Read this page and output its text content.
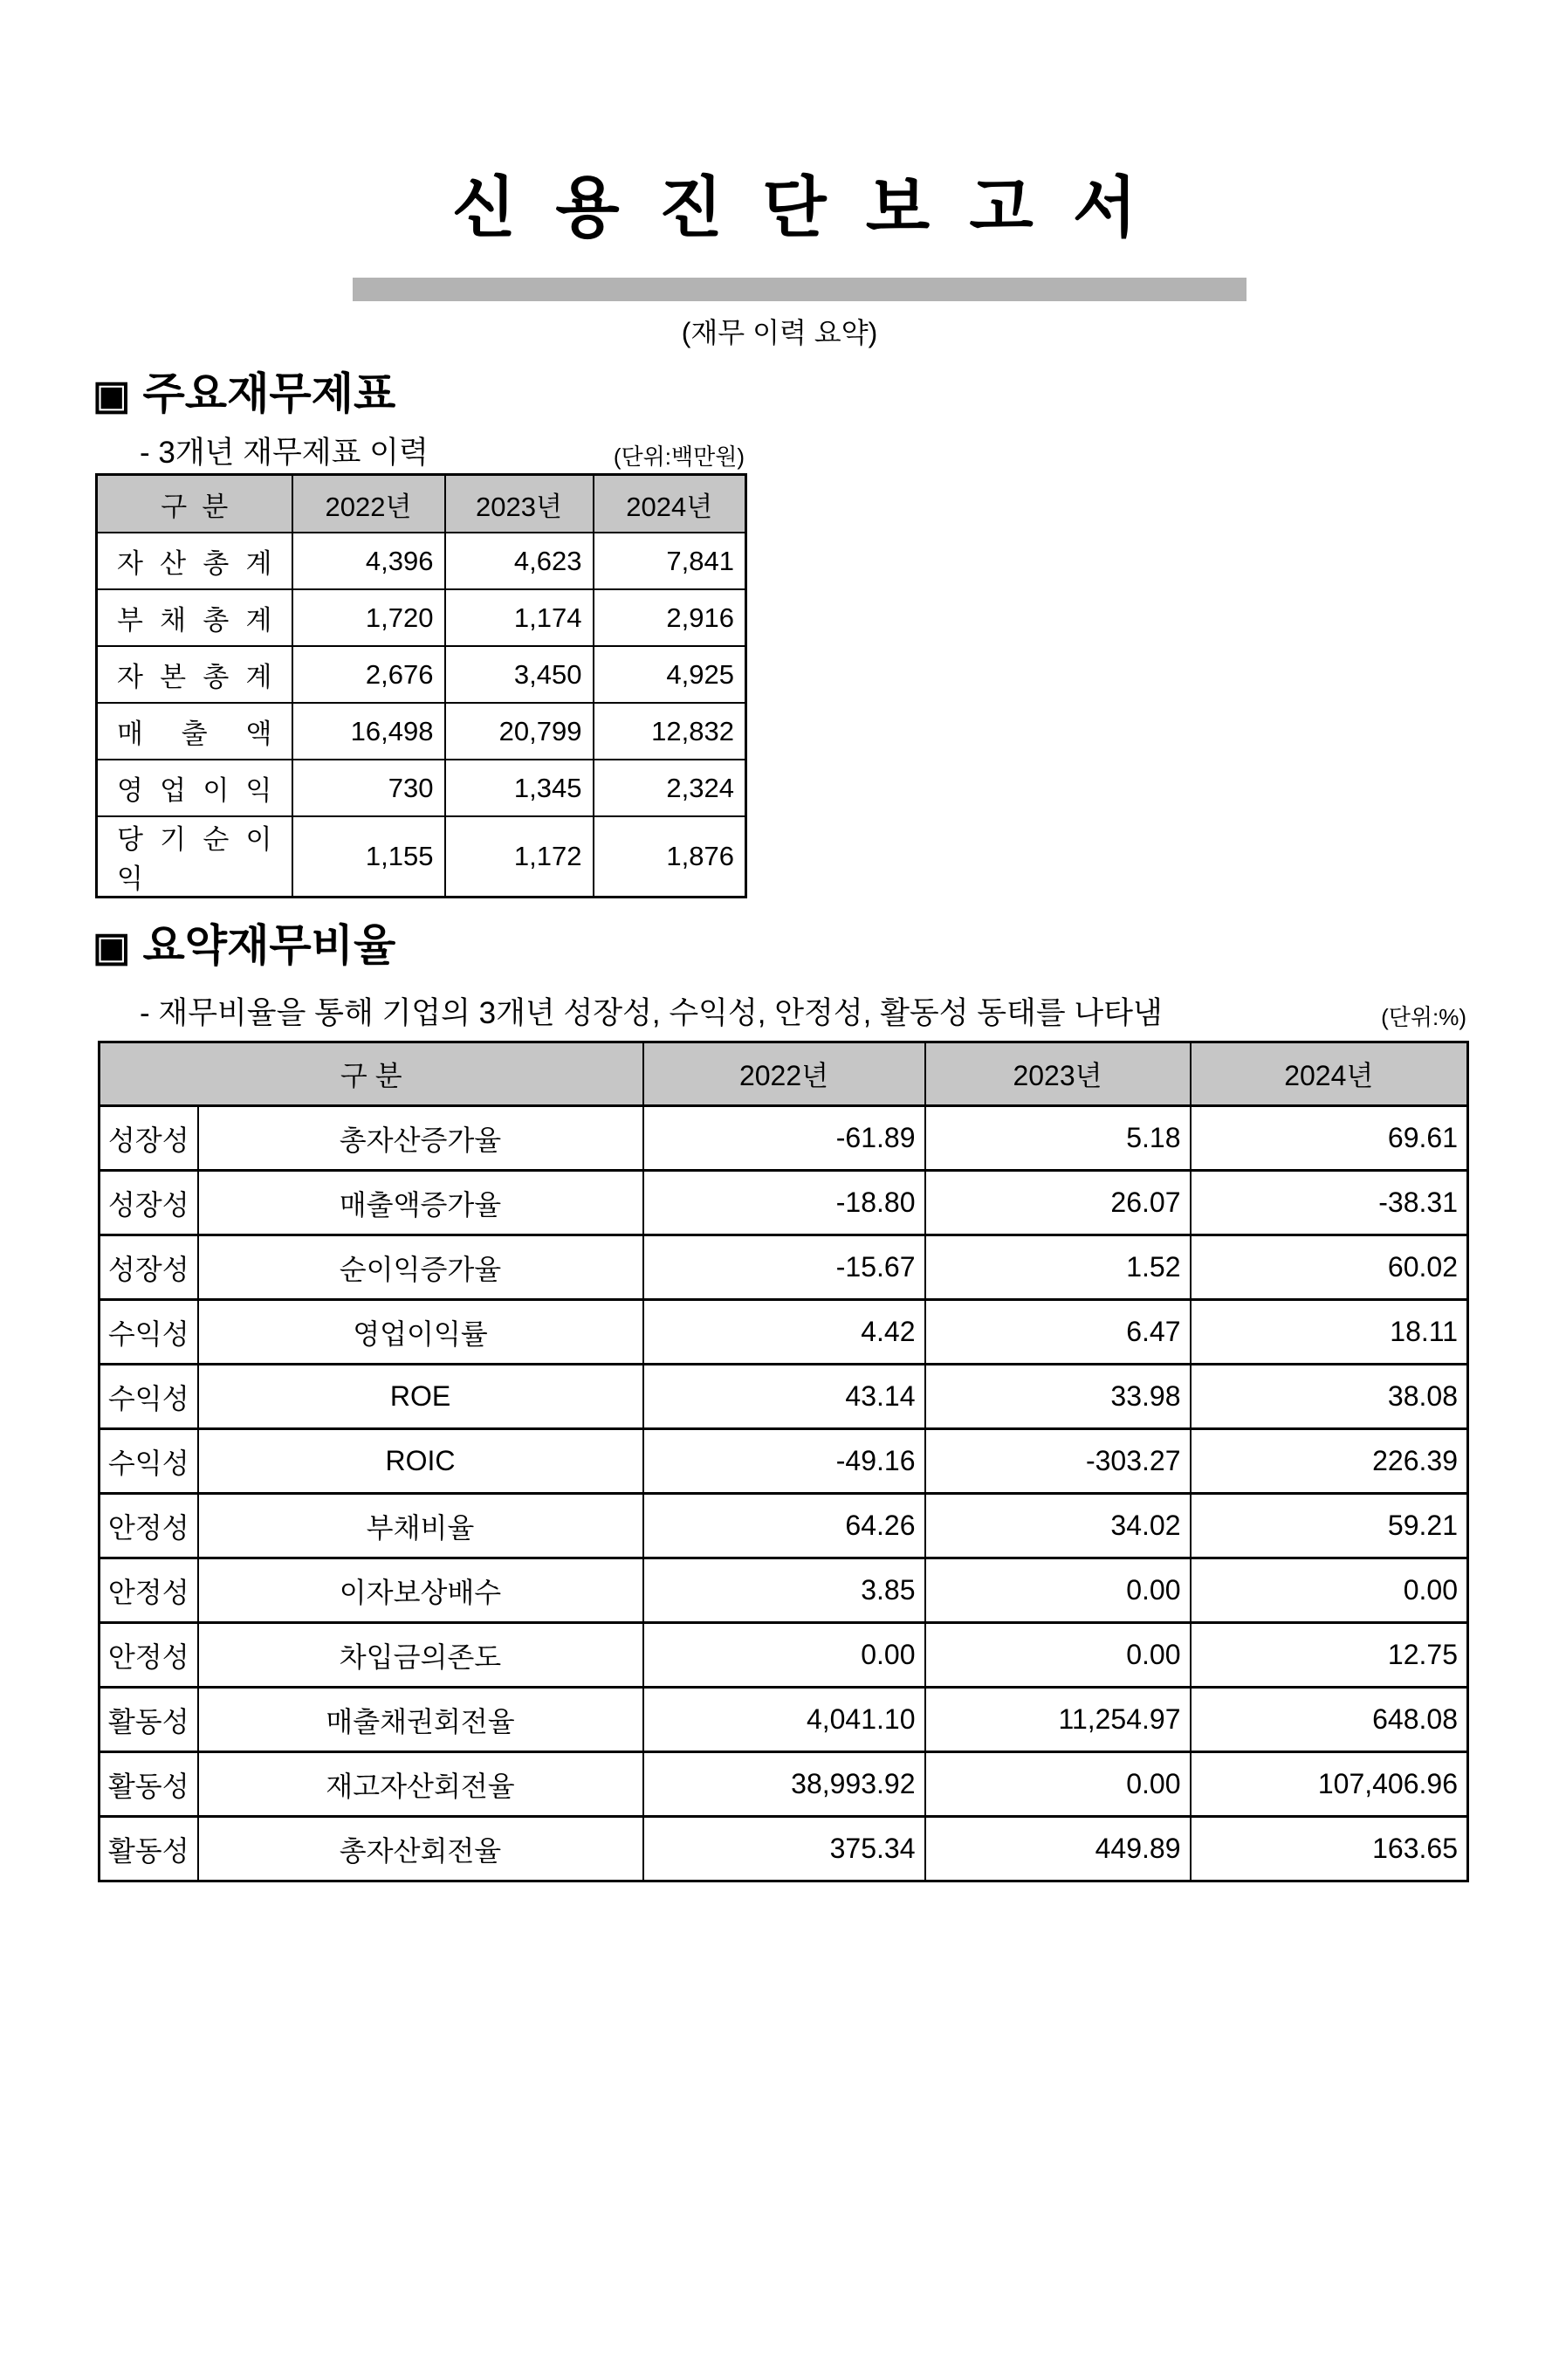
신 용 진 단 보 고 서
(재무 이력 요약)
▣ 주요재무제표
- 3개년 재무제표 이력	(단위:백만원)
구  분	2022년	2023년	2024년
자 산 총 계	4,396	4,623	7,841
부 채 총 계	1,720	1,174	2,916
자 본 총 계	2,676	3,450	4,925
매 출 액	16,498	20,799	12,832
영 업 이 익	730	1,345	2,324
당 기 순 이 익	1,155	1,172	1,876
▣ 요약재무비율
- 재무비율을 통해 기업의 3개년 성장성, 수익성, 안정성, 활동성 동태를 나타냄	(단위:%)
구 분		2022년	2023년	2024년
성장성	총자산증가율	-61.89	5.18	69.61
성장성	매출액증가율	-18.80	26.07	-38.31
성장성	순이익증가율	-15.67	1.52	60.02
수익성	영업이익률	4.42	6.47	18.11
수익성	ROE	43.14	33.98	38.08
수익성	ROIC	-49.16	-303.27	226.39
안정성	부채비율	64.26	34.02	59.21
안정성	이자보상배수	3.85	0.00	0.00
안정성	차입금의존도	0.00	0.00	12.75
활동성	매출채권회전율	4,041.10	11,254.97	648.08
활동성	재고자산회전율	38,993.92	0.00	107,406.96
활동성	총자산회전율	375.34	449.89	163.65
